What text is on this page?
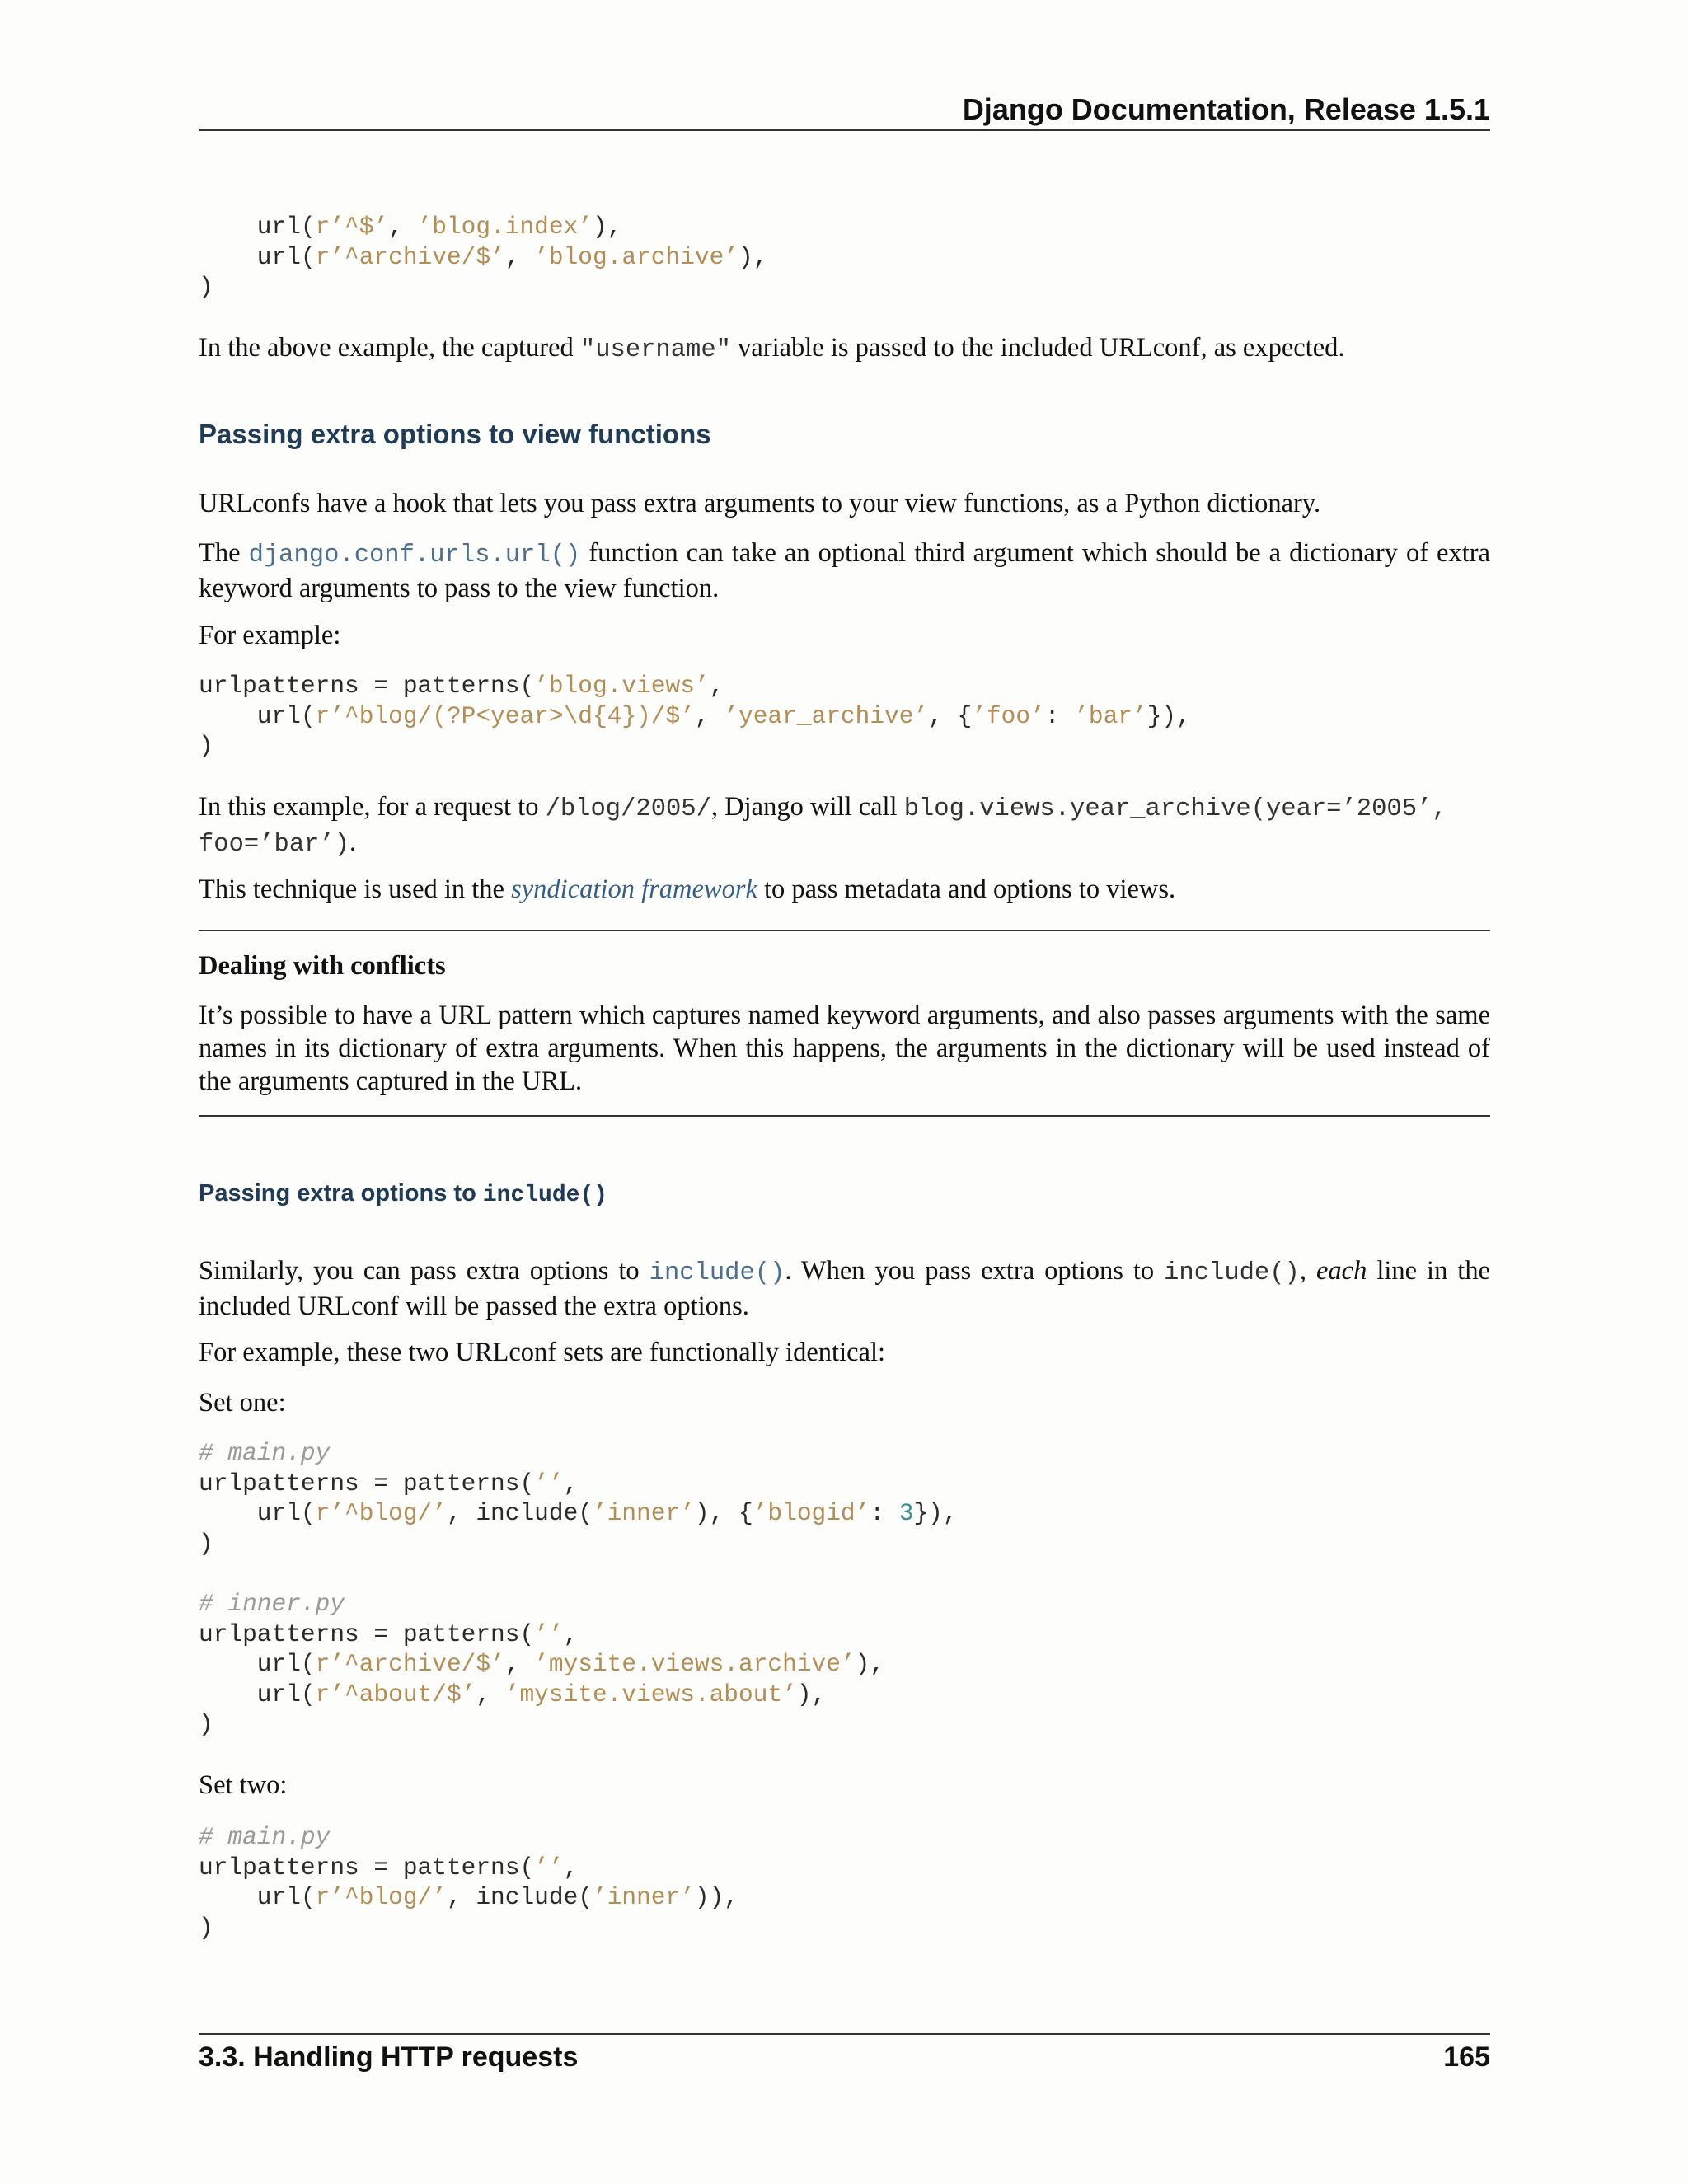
Django Documentation, Release 1.5.1
url(r’^$’, ’blog.index’),
url(r’^archive/$’, ’blog.archive’),
)

In the above example, the captured "username" variable is passed to the included URLconf, as expected.

Passing extra options to view functions

URLconfs have a hook that lets you pass extra arguments to your view functions, as a Python dictionary.

The django.conf.urls.url() function can take an optional third argument which should be a dictionary of extra keyword arguments to pass to the view function.

For example:

urlpatterns = patterns(’blog.views’,
url(r’^blog/(?P<year>\d{4})/$’, ’year_archive’, {’foo’: ’bar’}),
)

In this example, for a request to /blog/2005/, Django will call blog.views.year_archive(year=’2005’, foo=’bar’).

This technique is used in the syndication framework to pass metadata and options to views.

Dealing with conflicts

It’s possible to have a URL pattern which captures named keyword arguments, and also passes arguments with the same names in its dictionary of extra arguments. When this happens, the arguments in the dictionary will be used instead of the arguments captured in the URL.

Passing extra options to include()

Similarly, you can pass extra options to include(). When you pass extra options to include(), each line in the included URLconf will be passed the extra options.

For example, these two URLconf sets are functionally identical:

Set one:

# main.py
urlpatterns = patterns(’’,
url(r’^blog/’, include(’inner’), {’blogid’: 3}),
)

# inner.py
urlpatterns = patterns(’’,
url(r’^archive/$’, ’mysite.views.archive’),
url(r’^about/$’, ’mysite.views.about’),
)

Set two:

# main.py
urlpatterns = patterns(’’,
url(r’^blog/’, include(’inner’)),
)
3.3. Handling HTTP requests	165
